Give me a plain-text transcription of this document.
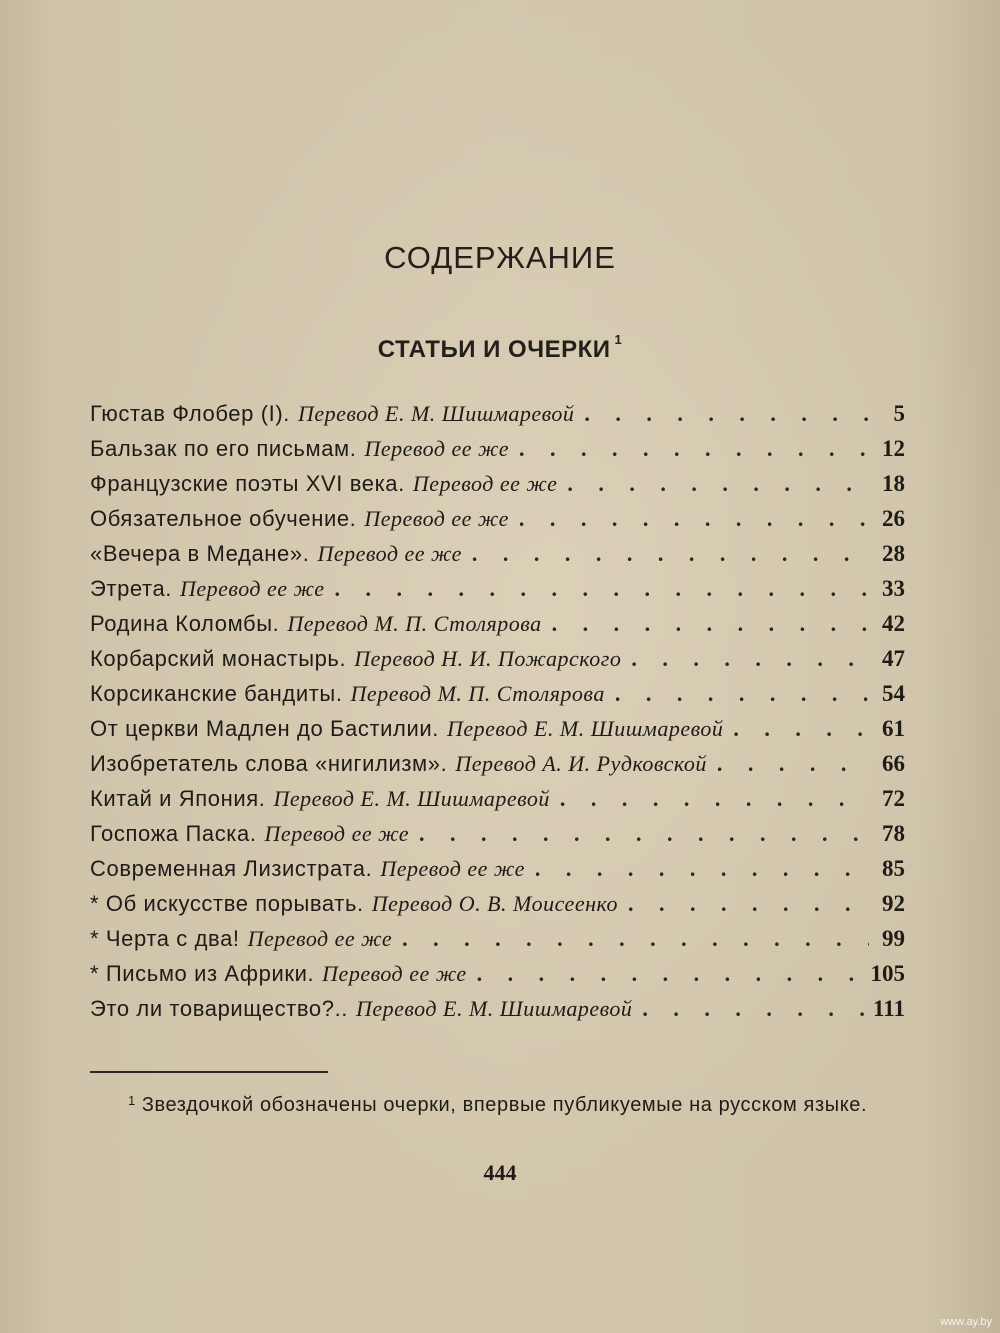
СОДЕРЖАНИЕ
СТАТЬИ И ОЧЕРКИ $^1$
Гюстав Флобер (I). Перевод Е. М. Шишмаревой . . .	5
Бальзак по его письмам. Перевод ее же . . .	12
Французские поэты XVI века. Перевод ее же . . .	18
Обязательное обучение. Перевод ее же . . .	26
«Вечера в Медане». Перевод ее же . . .	28
Этрета. Перевод ее же . . .	33
Родина Коломбы. Перевод М. П. Столярова . . .	42
Корбарский монастырь. Перевод Н. И. Пожарского . . .	47
Корсиканские бандиты. Перевод М. П. Столярова . . .	54
От церкви Мадлен до Бастилии. Перевод Е. М. Шишмаревой . . .	61
Изобретатель слова «нигилизм». Перевод А. И. Рудковской . . .	66
Китай и Япония. Перевод Е. М. Шишмаревой . . .	72
Госпожа Паска. Перевод ее же . . .	78
Современная Лизистрата. Перевод ее же . . .	85
* Об искусстве порывать. Перевод О. В. Моисеенко . . .	92
* Черта с два! Перевод ее же . . .	99
* Письмо из Африки. Перевод ее же . . .	105
Это ли товарищество?.. Перевод Е. М. Шишмаревой . . .	111
$^1$ Звездочкой обозначены очерки, впервые публикуемые на русском языке.
444
www.ay.by
